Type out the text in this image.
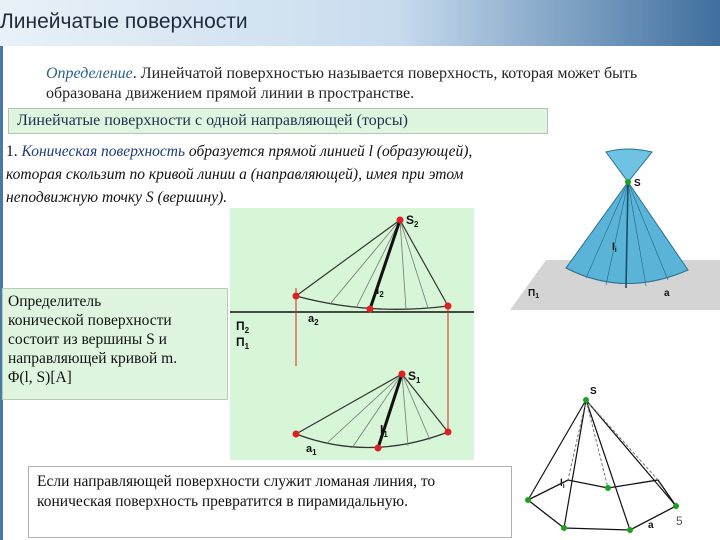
Линейчатые поверхности
Определение. Линейчатой поверхностью называется поверхность, которая может быть образована движением прямой линии в пространстве.
Линейчатые поверхности с одной направляющей (торсы)
1. Коническая поверхность образуется прямой линией l (образующей), которая скользит по кривой линии a (направляющей), имея при этом неподвижную точку S (вершину).
$S_2$
$l_2$
$a_2$
$П_2$
$П_1$
$S_1$
$l_1$
$a_1$
S
$l_i$
$П_1$	a
Определитель
конической поверхности
состоит из вершины S и
направляющей кривой m.
Φ(l, S)[A]
S
$l_i$
a
Если направляющей поверхности служит ломаная линия, то коническая поверхность превратится в пирамидальную.
5
